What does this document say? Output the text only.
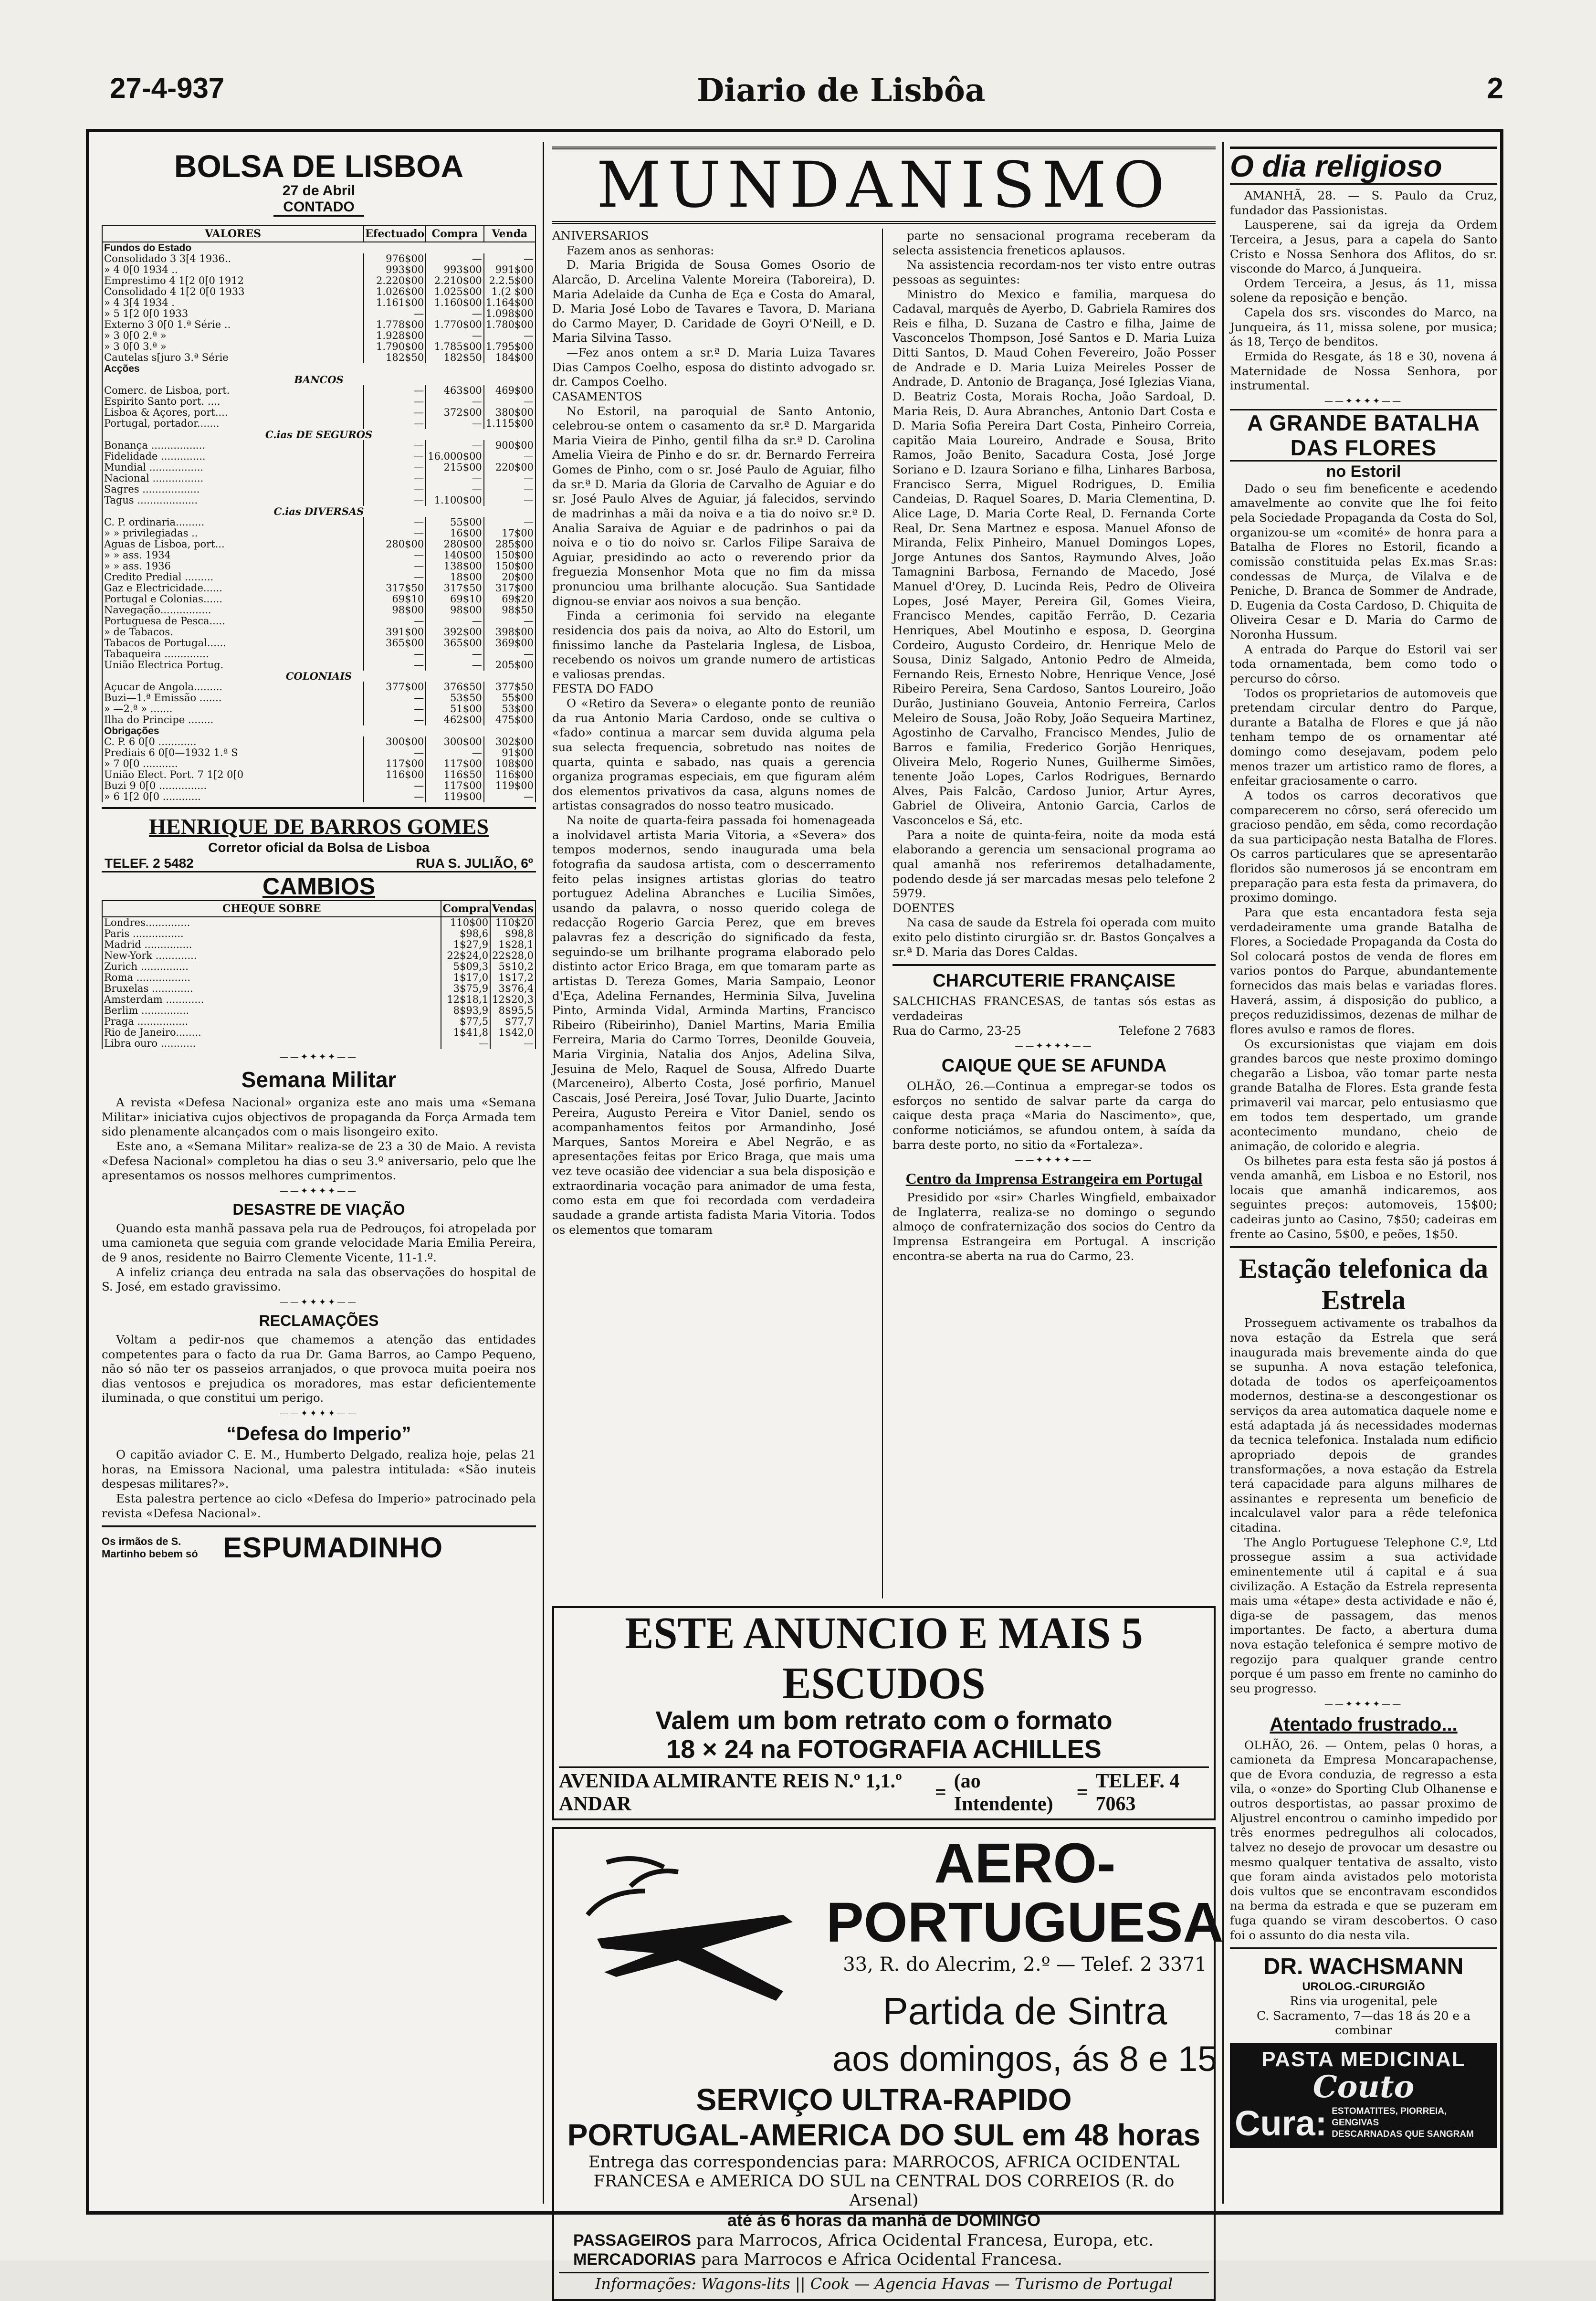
27-4-937	Diario de Lisbôa	2
BOLSA DE LISBOA
27 de Abril
CONTADO
VALORES	Efectuado	Compra	Venda
Fundos do Estado			
Consolidado 3 3[4 1936..	976$00	—	—
» 4 0[0 1934 ..	993$00	993$00	991$00
Emprestimo 4 1[2 0[0 1912	2.220$00	2.210$00	2.2.5$00
Consolidado 4 1[2 0[0 1933	1.026$00	1.025$00	1.(2 $00
» 4 3[4 1934 .	1.161$00	1.160$00	1.164$00
» 5 1[2 0[0 1933	—	—	1.098$00
Externo 3 0[0 1.ª Série ..	1.778$00	1.770$00	1.780$00
» 3 0[0 2.ª »	1.928$00	—	—
» 3 0[0 3.ª »	1.790$00	1.785$00	1.795$00
Cautelas s[juro 3.ª Série	182$50	182$50	184$00
Acções			
BANCOS			
Comerc. de Lisboa, port.	—	463$00	469$00
Espirito Santo port. ....	—	—	—
Lisboa & Açores, port....	—	372$00	380$00
Portugal, portador.......	—	—	1.115$00
C.ias DE SEGUROS			
Bonança .................	—	—	900$00
Fidelidade ..............	—	16.000$00	—
Mundial .................	—	215$00	220$00
Nacional ................	—	—	—
Sagres ..................	—	—	—
Tagus ...................	—	1.100$00	—
C.ias DIVERSAS			
C. P. ordinaria.........	—	55$00	—
» » privilegiadas ..	—	16$00	17$00
Aguas de Lisboa, port...	280$00	280$00	285$00
» » ass. 1934	—	140$00	150$00
» » ass. 1936	—	138$00	150$00
Credito Predial .........	—	18$00	20$00
Gaz e Electricidade......	317$50	317$50	317$00
Portugal e Colonias......	69$10	69$10	69$20
Navegação................	98$00	98$00	98$50
Portuguesa de Pesca.....	—	—	—
» de Tabacos.	391$00	392$00	398$00
Tabacos de Portugal......	365$00	365$00	369$00
Tabaqueira ..............	—	—	—
União Electrica Portug.	—	—	205$00
COLONIAIS			
Açucar de Angola.........	377$00	376$50	377$50
Buzi—1.ª Emissão .......	—	53$50	55$00
» —2.ª » .......	—	51$00	53$00
Ilha do Principe ........	—	462$00	475$00
Obrigações			
C. P. 6 0[0 ............	300$00	300$00	302$00
Prediais 6 0[0—1932 1.ª S	—	—	91$00
» 7 0[0 ...........	117$00	117$00	108$00
União Elect. Port. 7 1[2 0[0	116$00	116$50	116$00
Buzi 9 0[0 ...............	—	117$00	119$00
» 6 1[2 0[0 ............	—	119$00	—
HENRIQUE DE BARROS GOMES
Corretor oficial da Bolsa de Lisboa
TELEF. 2 5482	RUA S. JULIÃO, 6º
CAMBIOS
CHEQUE SOBRE	Compra	Vendas
Londres..............	110$00	110$20
Paris ................	$98,6	$98,8
Madrid ...............	1$27,9	1$28,1
New-York .............	22$24,0	22$28,0
Zurich ...............	5$09,3	5$10,2
Roma .................	1$17,0	1$17,2
Bruxelas .............	3$75,9	3$76,4
Amsterdam ............	12$18,1	12$20,3
Berlim ...............	8$93,9	8$95,5
Praga ................	$77,5	$77,7
Rio de Janeiro........	1$41,8	1$42,0
Libra ouro ...........	—	—
——✦✦✦✦——
Semana Militar

A revista «Defesa Nacional» organiza este ano mais uma «Semana Militar» iniciativa cujos objectivos de propaganda da Força Armada tem sido plenamente alcançados com o mais lisongeiro exito.

Este ano, a «Semana Militar» realiza-se de 23 a 30 de Maio. A revista «Defesa Nacional» completou ha dias o seu 3.º aniversario, pelo que lhe apresentamos os nossos melhores cumprimentos.

——✦✦✦✦——
DESASTRE DE VIAÇÃO

Quando esta manhã passava pela rua de Pedrouços, foi atropelada por uma camioneta que seguia com grande velocidade Maria Emilia Pereira, de 9 anos, residente no Bairro Clemente Vicente, 11-1.º.

A infeliz criança deu entrada na sala das observações do hospital de S. José, em estado gravissimo.

——✦✦✦✦——
RECLAMAÇÕES

Voltam a pedir-nos que chamemos a atenção das entidades competentes para o facto da rua Dr. Gama Barros, ao Campo Pequeno, não só não ter os passeios arranjados, o que provoca muita poeira nos dias ventosos e prejudica os moradores, mas estar deficientemente iluminada, o que constitui um perigo.

——✦✦✦✦——
“Defesa do Imperio”

O capitão aviador C. E. M., Humberto Delgado, realiza hoje, pelas 21 horas, na Emissora Nacional, uma palestra intitulada: «São inuteis despesas militares?».

Esta palestra pertence ao ciclo «Defesa do Imperio» patrocinado pela revista «Defesa Nacional».

Os irmãos de S. Martinho bebem só ESPUMADINHO
MUNDANISMO
ANIVERSARIOS

Fazem anos as senhoras:

D. Maria Brigida de Sousa Gomes Osorio de Alarcão, D. Arcelina Valente Moreira (Taboreira), D. Maria Adelaide da Cunha de Eça e Costa do Amaral, D. Maria José Lobo de Tavares e Tavora, D. Mariana do Carmo Mayer, D. Caridade de Goyri O'Neill, e D. Maria Silvina Tasso.

—Fez anos ontem a sr.ª D. Maria Luiza Tavares Dias Campos Coelho, esposa do distinto advogado sr. dr. Campos Coelho.

CASAMENTOS

No Estoril, na paroquial de Santo Antonio, celebrou-se ontem o casamento da sr.ª D. Margarida Maria Vieira de Pinho, gentil filha da sr.ª D. Carolina Amelia Vieira de Pinho e do sr. dr. Bernardo Ferreira Gomes de Pinho, com o sr. José Paulo de Aguiar, filho da sr.ª D. Maria da Gloria de Carvalho de Aguiar e do sr. José Paulo Alves de Aguiar, já falecidos, servindo de madrinhas a mãi da noiva e a tia do noivo sr.ª D. Analia Saraiva de Aguiar e de padrinhos o pai da noiva e o tio do noivo sr. Carlos Filipe Saraiva de Aguiar, presidindo ao acto o reverendo prior da freguezia Monsenhor Mota que no fim da missa pronunciou uma brilhante alocução. Sua Santidade dignou-se enviar aos noivos a sua benção.

Finda a cerimonia foi servido na elegante residencia dos pais da noiva, ao Alto do Estoril, um finissimo lanche da Pastelaria Inglesa, de Lisboa, recebendo os noivos um grande numero de artisticas e valiosas prendas.

FESTA DO FADO

O «Retiro da Severa» o elegante ponto de reunião da rua Antonio Maria Cardoso, onde se cultiva o «fado» continua a marcar sem duvida alguma pela sua selecta frequencia, sobretudo nas noites de quarta, quinta e sabado, nas quais a gerencia organiza programas especiais, em que figuram além dos elementos privativos da casa, alguns nomes de artistas consagrados do nosso teatro musicado.

Na noite de quarta-feira passada foi homenageada a inolvidavel artista Maria Vitoria, a «Severa» dos tempos modernos, sendo inaugurada uma bela fotografia da saudosa artista, com o descerramento feito pelas insignes artistas glorias do teatro portuguez Adelina Abranches e Lucilia Simões, usando da palavra, o nosso querido colega de redacção Rogerio Garcia Perez, que em breves palavras fez a descrição do significado da festa, seguindo-se um brilhante programa elaborado pelo distinto actor Erico Braga, em que tomaram parte as artistas D. Tereza Gomes, Maria Sampaio, Leonor d'Eça, Adelina Fernandes, Herminia Silva, Juvelina Pinto, Arminda Vidal, Arminda Martins, Francisco Ribeiro (Ribeirinho), Daniel Martins, Maria Emilia Ferreira, Maria do Carmo Torres, Deonilde Gouveia, Maria Virginia, Natalia dos Anjos, Adelina Silva, Jesuina de Melo, Raquel de Sousa, Alfredo Duarte (Marceneiro), Alberto Costa, José porfirio, Manuel Cascais, José Pereira, José Tovar, Julio Duarte, Jacinto Pereira, Augusto Pereira e Vitor Daniel, sendo os acompanhamentos feitos por Armandinho, José Marques, Santos Moreira e Abel Negrão, e as apresentações feitas por Erico Braga, que mais uma vez teve ocasião dee videnciar a sua bela disposição e extraordinaria vocação para animador de uma festa, como esta em que foi recordada com verdadeira saudade a grande artista fadista Maria Vitoria. Todos os elementos que tomaram

parte no sensacional programa receberam da selecta assistencia freneticos aplausos.

Na assistencia recordam-nos ter visto entre outras pessoas as seguintes:

Ministro do Mexico e familia, marquesa do Cadaval, marquês de Ayerbo, D. Gabriela Ramires dos Reis e filha, D. Suzana de Castro e filha, Jaime de Vasconcelos Thompson, José Santos e D. Maria Luiza Ditti Santos, D. Maud Cohen Fevereiro, João Posser de Andrade e D. Maria Luiza Meireles Posser de Andrade, D. Antonio de Bragança, José Iglezias Viana, D. Beatriz Costa, Morais Rocha, João Sardoal, D. Maria Reis, D. Aura Abranches, Antonio Dart Costa e D. Maria Sofia Pereira Dart Costa, Pinheiro Correia, capitão Maia Loureiro, Andrade e Sousa, Brito Ramos, João Benito, Sacadura Costa, José Jorge Soriano e D. Izaura Soriano e filha, Linhares Barbosa, Francisco Serra, Miguel Rodrigues, D. Emilia Candeias, D. Raquel Soares, D. Maria Clementina, D. Alice Lage, D. Maria Corte Real, D. Fernanda Corte Real, Dr. Sena Martnez e esposa. Manuel Afonso de Miranda, Felix Pinheiro, Manuel Domingos Lopes, Jorge Antunes dos Santos, Raymundo Alves, João Tamagnini Barbosa, Fernando de Macedo, José Manuel d'Orey, D. Lucinda Reis, Pedro de Oliveira Lopes, José Mayer, Pereira Gil, Gomes Vieira, Francisco Mendes, capitão Ferrão, D. Cezaria Henriques, Abel Moutinho e esposa, D. Georgina Cordeiro, Augusto Cordeiro, dr. Henrique Melo de Sousa, Diniz Salgado, Antonio Pedro de Almeida, Fernando Reis, Ernesto Nobre, Henrique Vence, José Ribeiro Pereira, Sena Cardoso, Santos Loureiro, João Durão, Justiniano Gouveia, Antonio Ferreira, Carlos Meleiro de Sousa, João Roby, João Sequeira Martinez, Agostinho de Carvalho, Francisco Mendes, Julio de Barros e familia, Frederico Gorjão Henriques, Oliveira Melo, Rogerio Nunes, Guilherme Simões, tenente João Lopes, Carlos Rodrigues, Bernardo Alves, Pais Falcão, Cardoso Junior, Artur Ayres, Gabriel de Oliveira, Antonio Garcia, Carlos de Vasconcelos e Sá, etc.

Para a noite de quinta-feira, noite da moda está elaborando a gerencia um sensacional programa ao qual amanhã nos referiremos detalhadamente, podendo desde já ser marcadas mesas pelo telefone 2 5979.

DOENTES

Na casa de saude da Estrela foi operada com muito exito pelo distinto cirurgião sr. dr. Bastos Gonçalves a sr.ª D. Maria das Dores Caldas.

CHARCUTERIE FRANÇAISE

SALCHICHAS FRANCESAS, de tantas sós estas as verdadeiras

Rua do Carmo, 23-25	Telefone 2 7683
——✦✦✦✦——
CAIQUE QUE SE AFUNDA

OLHÃO, 26.—Continua a empregar-se todos os esforços no sentido de salvar parte da carga do caique desta praça «Maria do Nascimento», que, conforme noticiámos, se afundou ontem, à saída da barra deste porto, no sitio da «Fortaleza».

——✦✦✦✦——
Centro da Imprensa Estrangeira em Portugal

Presidido por «sir» Charles Wingfield, embaixador de Inglaterra, realiza-se no domingo o segundo almoço de confraternização dos socios do Centro da Imprensa Estrangeira em Portugal. A inscrição encontra-se aberta na rua do Carmo, 23.

ESTE ANUNCIO E MAIS 5 ESCUDOS
Valem um bom retrato com o formato
18 × 24 na FOTOGRAFIA ACHILLES
AVENIDA ALMIRANTE REIS N.º 1,1.º ANDAR
=
(ao Intendente)
=
TELEF. 4 7063
AERO-PORTUGUESA
33, R. do Alecrim, 2.º — Telef. 2 3371
Partida de Sintra
aos domingos, ás 8 e 15
SERVIÇO ULTRA-RAPIDO
PORTUGAL-AMERICA DO SUL em 48 horas
Entrega das correspondencias para: MARROCOS, AFRICA OCIDENTAL FRANCESA e AMERICA DO SUL na CENTRAL DOS CORREIOS (R. do Arsenal)
até ás 6 horas da manhã de DOMINGO
PASSAGEIROS para Marrocos, Africa Ocidental Francesa, Europa, etc.
MERCADORIAS para Marrocos e Africa Ocidental Francesa.
Informações: Wagons-lits || Cook — Agencia Havas — Turismo de Portugal
O dia religioso

AMANHÃ, 28. — S. Paulo da Cruz, fundador das Passionistas.

Lausperene, sai da igreja da Ordem Terceira, a Jesus, para a capela do Santo Cristo e Nossa Senhora dos Aflitos, do sr. visconde do Marco, á Junqueira.

Ordem Terceira, a Jesus, ás 11, missa solene da reposição e benção.

Capela dos srs. viscondes do Marco, na Junqueira, ás 11, missa solene, por musica; ás 18, Terço de benditos.

Ermida do Resgate, ás 18 e 30, novena á Maternidade de Nossa Senhora, por instrumental.

——✦✦✦✦——
A GRANDE BATALHA DAS FLORES
no Estoril

Dado o seu fim beneficente e acedendo amavelmente ao convite que lhe foi feito pela Sociedade Propaganda da Costa do Sol, organizou-se um «comité» de honra para a Batalha de Flores no Estoril, ficando a comissão constituida pelas Ex.mas Sr.as: condessas de Murça, de Vilalva e de Peniche, D. Branca de Sommer de Andrade, D. Eugenia da Costa Cardoso, D. Chiquita de Oliveira Cesar e D. Maria do Carmo de Noronha Hussum.

A entrada do Parque do Estoril vai ser toda ornamentada, bem como todo o percurso do côrso.

Todos os proprietarios de automoveis que pretendam circular dentro do Parque, durante a Batalha de Flores e que já não tenham tempo de os ornamentar até domingo como desejavam, podem pelo menos trazer um artistico ramo de flores, a enfeitar graciosamente o carro.

A todos os carros decorativos que comparecerem no côrso, será oferecido um gracioso pendão, em sêda, como recordação da sua participação nesta Batalha de Flores. Os carros particulares que se apresentarão floridos são numerosos já se encontram em preparação para esta festa da primavera, do proximo domingo.

Para que esta encantadora festa seja verdadeiramente uma grande Batalha de Flores, a Sociedade Propaganda da Costa do Sol colocará postos de venda de flores em varios pontos do Parque, abundantemente fornecidos das mais belas e variadas flores. Haverá, assim, á disposição do publico, a preços reduzidissimos, dezenas de milhar de flores avulso e ramos de flores.

Os excursionistas que viajam em dois grandes barcos que neste proximo domingo chegarão a Lisboa, vão tomar parte nesta grande Batalha de Flores. Esta grande festa primaveril vai marcar, pelo entusiasmo que em todos tem despertado, um grande acontecimento mundano, cheio de animação, de colorido e alegria.

Os bilhetes para esta festa são já postos á venda amanhã, em Lisboa e no Estoril, nos locais que amanhã indicaremos, aos seguintes preços: automoveis, 15$00; cadeiras junto ao Casino, 7$50; cadeiras em frente ao Casino, 5$00, e peões, 1$50.

Estação telefonica da Estrela

Prosseguem activamente os trabalhos da nova estação da Estrela que será inaugurada mais brevemente ainda do que se supunha. A nova estação telefonica, dotada de todos os aperfeiçoamentos modernos, destina-se a descongestionar os serviços da area automatica daquele nome e está adaptada já ás necessidades modernas da tecnica telefonica. Instalada num edificio apropriado depois de grandes transformações, a nova estação da Estrela terá capacidade para alguns milhares de assinantes e representa um beneficio de incalculavel valor para a rêde telefonica citadina.

The Anglo Portuguese Telephone C.º, Ltd prossegue assim a sua actividade eminentemente util á capital e á sua civilização. A Estação da Estrela representa mais uma «étape» desta actividade e não é, diga-se de passagem, das menos importantes. De facto, a abertura duma nova estação telefonica é sempre motivo de regozijo para qualquer grande centro porque é um passo em frente no caminho do seu progresso.

——✦✦✦✦——
Atentado frustrado...

OLHÃO, 26. — Ontem, pelas 0 horas, a camioneta da Empresa Moncarapachense, que de Evora conduzia, de regresso a esta vila, o «onze» do Sporting Club Olhanense e outros desportistas, ao passar proximo de Aljustrel encontrou o caminho impedido por três enormes pedregulhos ali colocados, talvez no desejo de provocar um desastre ou mesmo qualquer tentativa de assalto, visto que foram ainda avistados pelo motorista dois vultos que se encontravam escondidos na berma da estrada e que se puzeram em fuga quando se viram descobertos. O caso foi o assunto do dia nesta vila.

DR. WACHSMANN
UROLOG.-CIRURGIÃO
Rins via urogenital, pele
C. Sacramento, 7—das 18 ás 20 e a combinar
PASTA MEDICINAL
Couto
Cura: ESTOMATITES, PIORREIA, GENGIVAS
DESCARNADAS QUE SANGRAM
